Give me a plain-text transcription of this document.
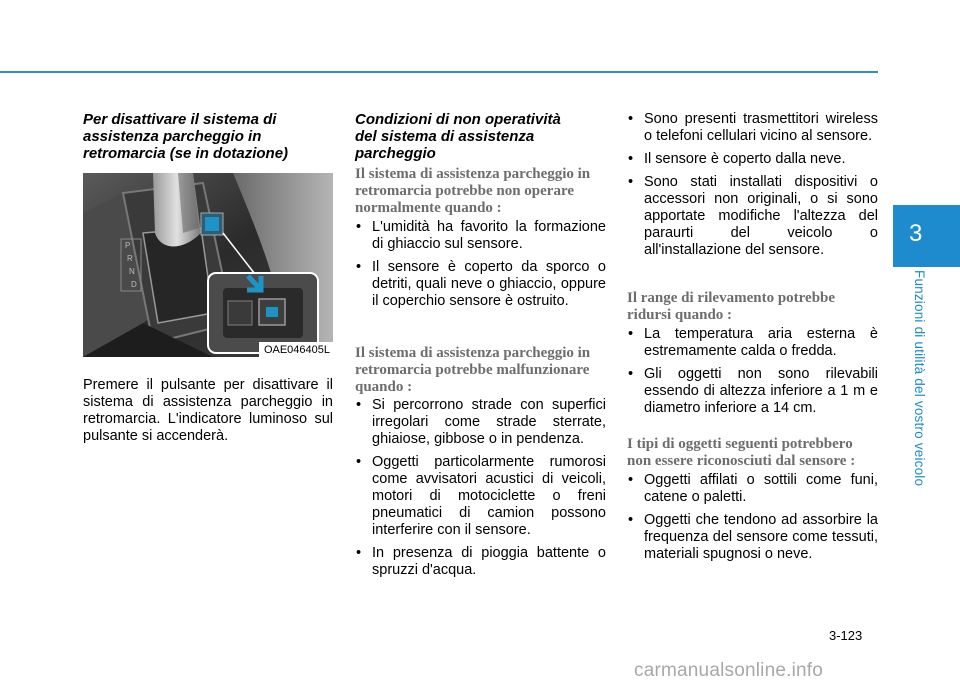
3
Funzioni di utilità del vostro veicolo
Per disattivare il sistema di assistenza parcheggio in retromarcia (se in dotazione)
P
R
N
D
OAE046405L

Premere il pulsante per disattivare il sistema di assistenza parcheggio in retromarcia. L'indicatore luminoso sul pulsante si accenderà.

Condizioni di non operatività del sistema di assistenza parcheggio
Il sistema di assistenza parcheggio in retromarcia potrebbe non operare normalmente quando :
• L'umidità ha favorito la formazione di ghiaccio sul sensore.
• Il sensore è coperto da sporco o detriti, quali neve o ghiaccio, oppure il coperchio sensore è ostruito.
Il sistema di assistenza parcheggio in retromarcia potrebbe malfunzionare quando :
• Si percorrono strade con superfici irregolari come strade sterrate, ghiaiose, gibbose o in pendenza.
• Oggetti particolarmente rumorosi come avvisatori acustici di veicoli, motori di motociclette o freni pneumatici di camion possono interferire con il sensore.
• In presenza di pioggia battente o spruzzi d'acqua.
• Sono presenti trasmettitori wireless o telefoni cellulari vicino al sensore.
• Il sensore è coperto dalla neve.
• Sono stati installati dispositivi o accessori non originali, o si sono apportate modifiche l'altezza del paraurti del veicolo o all'installazione del sensore.
Il range di rilevamento potrebbe ridursi quando :
• La temperatura aria esterna è estremamente calda o fredda.
• Gli oggetti non sono rilevabili essendo di altezza inferiore a 1 m e diametro inferiore a 14 cm.
I tipi di oggetti seguenti potrebbero non essere riconosciuti dal sensore :
• Oggetti affilati o sottili come funi, catene o paletti.
• Oggetti che tendono ad assorbire la frequenza del sensore come tessuti, materiali spugnosi o neve.
3-123
carmanualsonline.info
